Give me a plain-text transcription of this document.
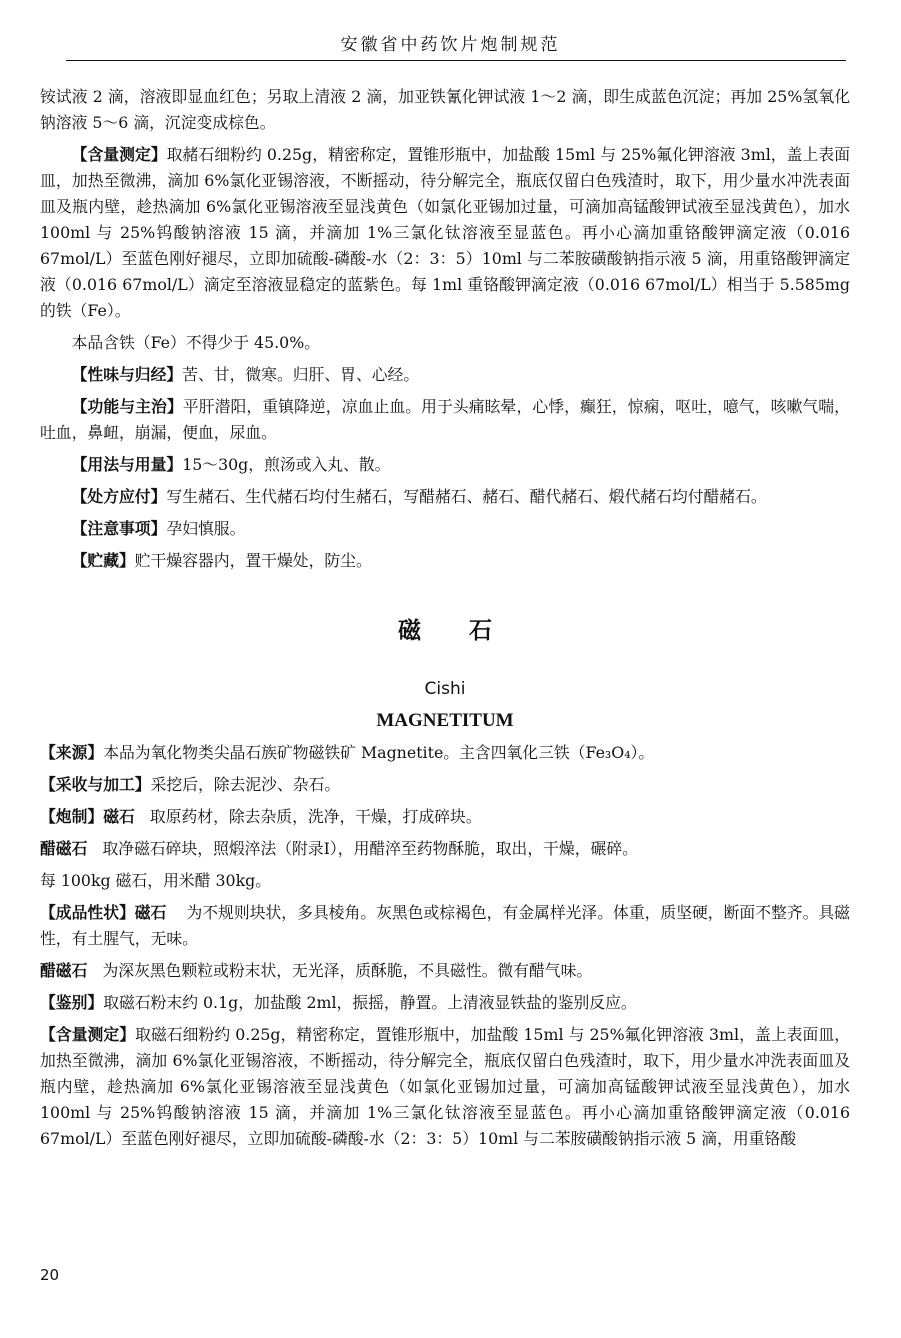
安徽省中药饮片炮制规范

铵试液 2 滴，溶液即显血红色；另取上清液 2 滴，加亚铁氰化钾试液 1～2 滴，即生成蓝色沉淀；再加 25%氢氧化钠溶液 5～6 滴，沉淀变成棕色。

【含量测定】取赭石细粉约 0.25g，精密称定，置锥形瓶中，加盐酸 15ml 与 25%氟化钾溶液 3ml，盖上表面皿，加热至微沸，滴加 6%氯化亚锡溶液，不断摇动，待分解完全，瓶底仅留白色残渣时，取下，用少量水冲洗表面皿及瓶内壁，趁热滴加 6%氯化亚锡溶液至显浅黄色（如氯化亚锡加过量，可滴加高锰酸钾试液至显浅黄色），加水 100ml 与 25%钨酸钠溶液 15 滴，并滴加 1%三氯化钛溶液至显蓝色。再小心滴加重铬酸钾滴定液（0.016 67mol/L）至蓝色刚好褪尽，立即加硫酸-磷酸-水（2：3：5）10ml 与二苯胺磺酸钠指示液 5 滴，用重铬酸钾滴定液（0.016 67mol/L）滴定至溶液显稳定的蓝紫色。每 1ml 重铬酸钾滴定液（0.016 67mol/L）相当于 5.585mg 的铁（Fe）。

本品含铁（Fe）不得少于 45.0%。

【性味与归经】苦、甘，微寒。归肝、胃、心经。

【功能与主治】平肝潜阳，重镇降逆，凉血止血。用于头痛眩晕，心悸，癫狂，惊痫，呕吐，噫气，咳嗽气喘，吐血，鼻衄，崩漏，便血，尿血。

【用法与用量】15～30g，煎汤或入丸、散。

【处方应付】写生赭石、生代赭石均付生赭石，写醋赭石、赭石、醋代赭石、煅代赭石均付醋赭石。

【注意事项】孕妇慎服。

【贮藏】贮干燥容器内，置干燥处，防尘。

磁石
Cishi
MAGNETITUM

【来源】本品为氧化物类尖晶石族矿物磁铁矿 Magnetite。主含四氧化三铁（Fe₃O₄）。

【采收与加工】采挖后，除去泥沙、杂石。

【炮制】磁石 取原药材，除去杂质，洗净，干燥，打成碎块。

醋磁石 取净磁石碎块，照煅淬法（附录Ⅰ），用醋淬至药物酥脆，取出，干燥，碾碎。

每 100kg 磁石，用米醋 30kg。

【成品性状】磁石 为不规则块状，多具棱角。灰黑色或棕褐色，有金属样光泽。体重，质坚硬，断面不整齐。具磁性，有土腥气，无味。

醋磁石 为深灰黑色颗粒或粉末状，无光泽，质酥脆，不具磁性。微有醋气味。

【鉴别】取磁石粉末约 0.1g，加盐酸 2ml，振摇，静置。上清液显铁盐的鉴别反应。

【含量测定】取磁石细粉约 0.25g，精密称定，置锥形瓶中，加盐酸 15ml 与 25%氟化钾溶液 3ml，盖上表面皿，加热至微沸，滴加 6%氯化亚锡溶液，不断摇动，待分解完全，瓶底仅留白色残渣时，取下，用少量水冲洗表面皿及瓶内壁，趁热滴加 6%氯化亚锡溶液至显浅黄色（如氯化亚锡加过量，可滴加高锰酸钾试液至显浅黄色），加水 100ml 与 25%钨酸钠溶液 15 滴，并滴加 1%三氯化钛溶液至显蓝色。再小心滴加重铬酸钾滴定液（0.016 67mol/L）至蓝色刚好褪尽，立即加硫酸-磷酸-水（2：3：5）10ml 与二苯胺磺酸钠指示液 5 滴，用重铬酸

20
